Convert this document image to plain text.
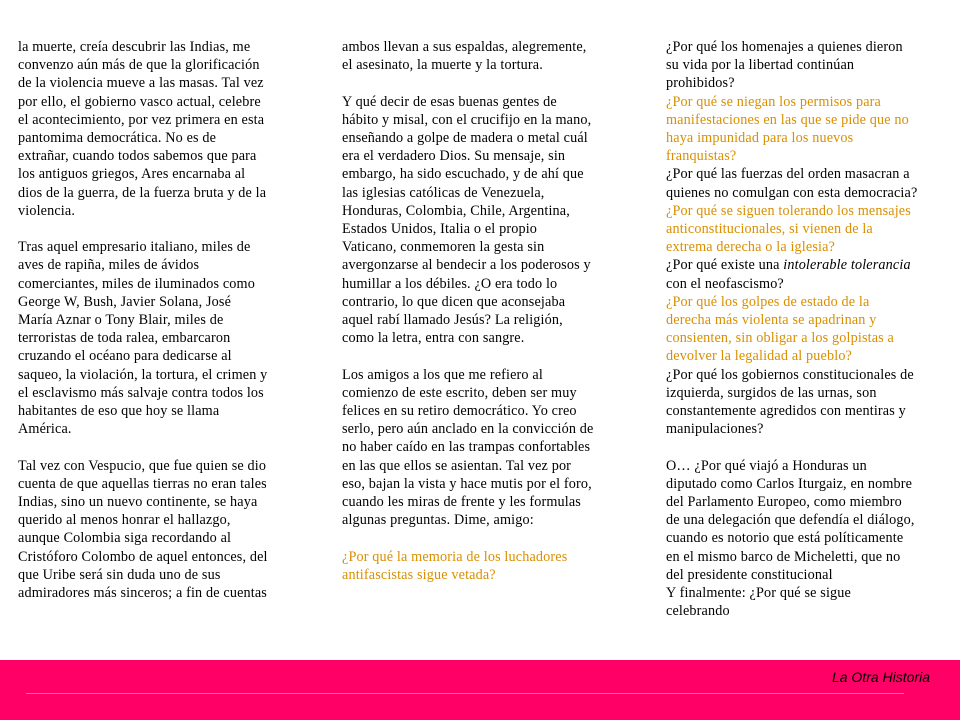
la muerte, creía descubrir las Indias, me
convenzo aún más de que la glorificación
de la violencia mueve a las masas. Tal vez
por ello, el gobierno vasco actual, celebre
el acontecimiento, por vez primera en esta
pantomima democrática. No es de
extrañar, cuando todos sabemos que para
los antiguos griegos, Ares encarnaba al
dios de la guerra, de la fuerza bruta y de la
violencia.

Tras aquel empresario italiano, miles de
aves de rapiña, miles de ávidos
comerciantes, miles de iluminados como
George W, Bush, Javier Solana, José
María Aznar o Tony Blair, miles de
terroristas de toda ralea, embarcaron
cruzando el océano para dedicarse al
saqueo, la violación, la tortura, el crimen y
el esclavismo más salvaje contra todos los
habitantes de eso que hoy se llama
América.

Tal vez con Vespucio, que fue quien se dio
cuenta de que aquellas tierras no eran tales
Indias, sino un nuevo continente, se haya
querido al menos honrar el hallazgo,
aunque Colombia siga recordando al
Cristóforo Colombo de aquel entonces, del
que Uribe será sin duda uno de sus
admiradores más sinceros; a fin de cuentas

ambos llevan a sus espaldas, alegremente,
el asesinato, la muerte y la tortura.

Y qué decir de esas buenas gentes de
hábito y misal, con el crucifijo en la mano,
enseñando a golpe de madera o metal cuál
era el verdadero Dios. Su mensaje, sin
embargo, ha sido escuchado, y de ahí que
las iglesias católicas de Venezuela,
Honduras, Colombia, Chile, Argentina,
Estados Unidos, Italia o el propio
Vaticano, conmemoren la gesta sin
avergonzarse al bendecir a los poderosos y
humillar a los débiles. ¿O era todo lo
contrario, lo que dicen que aconsejaba
aquel rabí llamado Jesús? La religión,
como la letra, entra con sangre.

Los amigos a los que me refiero al
comienzo de este escrito, deben ser muy
felices en su retiro democrático. Yo creo
serlo, pero aún anclado en la convicción de
no haber caído en las trampas confortables
en las que ellos se asientan. Tal vez por
eso, bajan la vista y hace mutis por el foro,
cuando les miras de frente y les formulas
algunas preguntas. Dime, amigo:

¿Por qué la memoria de los luchadores
antifascistas sigue vetada?

¿Por qué los homenajes a quienes dieron
su vida por la libertad continúan
prohibidos?

¿Por qué se niegan los permisos para
manifestaciones en las que se pide que no
haya impunidad para los nuevos
franquistas?

¿Por qué las fuerzas del orden masacran a
quienes no comulgan con esta democracia?

¿Por qué se siguen tolerando los mensajes
anticonstitucionales, si vienen de la
extrema derecha o la iglesia?

¿Por qué existe una intolerable tolerancia
con el neofascismo?

¿Por qué los golpes de estado de la
derecha más violenta se apadrinan y
consienten, sin obligar a los golpistas a
devolver la legalidad al pueblo?

¿Por qué los gobiernos constitucionales de
izquierda, surgidos de las urnas, son
constantemente agredidos con mentiras y
manipulaciones?

O… ¿Por qué viajó a Honduras un
diputado como Carlos Iturgaiz, en nombre
del Parlamento Europeo, como miembro
de una delegación que defendía el diálogo,
cuando es notorio que está políticamente
en el mismo barco de Micheletti, que no
del presidente constitucional

Y finalmente: ¿Por qué se sigue
celebrando

La Otra Historia
